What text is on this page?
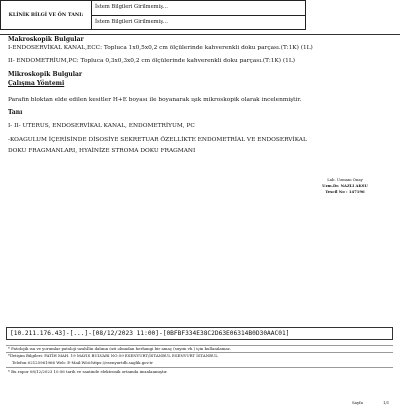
KLİNİK BİLGİ VE ÖN TANI:	İstem Bilgileri Girilmemiş...
İstem Bilgileri Girilmemiş...
Makroskopik Bulgular
I-ENDOSERVİKAL KANAL,ECC: Topluca 1x0,5x0,2 cm ölçülerinde kahverenkli doku parçası.(T:1K) (1L)
II- ENDOMETRİUM,PC: Topluca 0,3x0,3x0,2 cm ölçülerinde kahverenkli doku parçası.(T:1K) (1L)
Mikroskopik Bulgular
Çalışma Yöntemi
Parafin bloktan elde edilen kesitler H+E boyası ile boyanarak ışık mikroskopik olarak incelenmiştir.
Tanı
I- II- UTERUS, ENDOSERVİKAL KANAL, ENDOMETRİYUM, PC
-KOAGULUM İÇERİSİNDE DİSOSİYE SEKRETUAR ÖZELLİKTE ENDOMETRİAL VE ENDOSERVİKAL
DOKU FRAGMANLARI, HYAİNİZE STROMA DOKU FRAGMANI
Lab. Uzmanı Onay
Uzm.Dr. NAZLI AKSU
Tescil No : 147196
[10.211.176.43]-[...]-[08/12/2023 11:00]-[0BFBF334E38C2D63E06314B0D30AAC01]
* Patolojik ısıı ve yorumlar patoloji uzahİlin dalının özü olmadan herhangi bir amaç (suyım vb.) için kullanılamaz.
*İletişim Bilgileri: FATİH MAH. 19 MAYIS BULVARI NO:59 ESENYURT/İSTANBUL ESENYURT İSTANBUL
Telefon:02125961966 Web: E-Mail:Wöö:https://esenyurtdh.saglik.gov.tr
* Bu rapor 08/12/2023 10:56 tarih ve saatinde elektronik ortamda imzalanmıştır.
Sayfa	1/1
